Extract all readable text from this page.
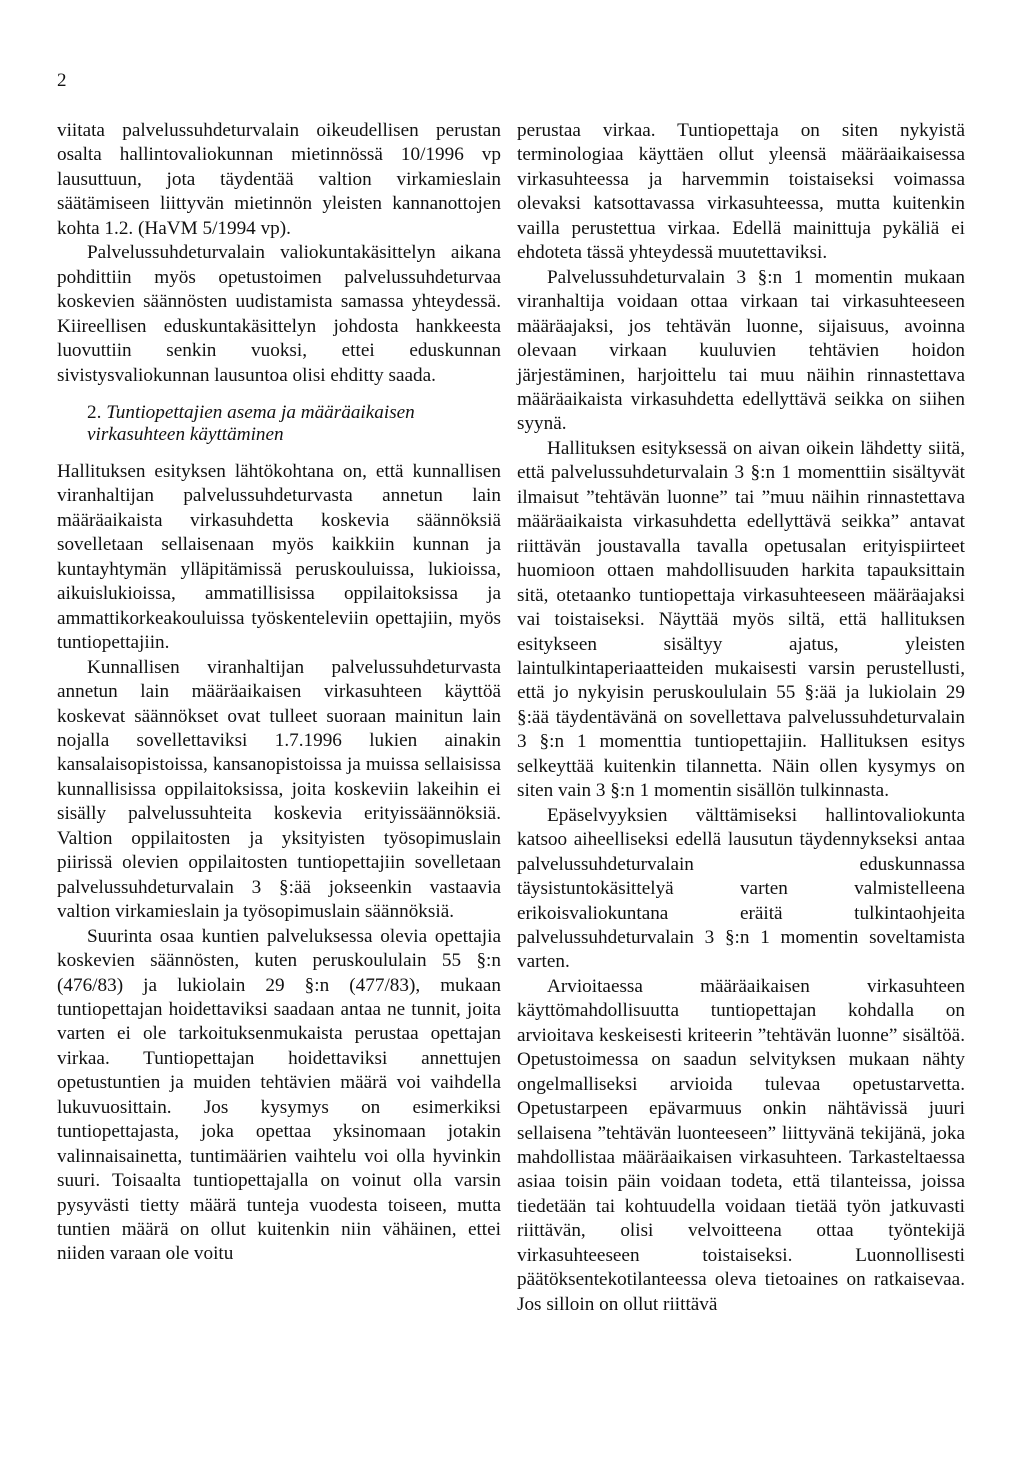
2

viitata palvelussuhdeturvalain oikeudellisen perustan osalta hallintovaliokunnan mietinnössä 10/1996 vp lausuttuun, jota täydentää valtion virkamieslain säätämiseen liittyvän mietinnön yleisten kannanottojen kohta 1.2. (HaVM 5/1994 vp).

Palvelussuhdeturvalain valiokuntakäsittelyn aikana pohdittiin myös opetustoimen palvelussuhdeturvaa koskevien säännösten uudistamista samassa yhteydessä. Kiireellisen eduskuntakäsittelyn johdosta hankkeesta luovuttiin senkin vuoksi, ettei eduskunnan sivistysvaliokunnan lausuntoa olisi ehditty saada.

2. Tuntiopettajien asema ja määräaikaisen virkasuhteen käyttäminen

Hallituksen esityksen lähtökohtana on, että kunnallisen viranhaltijan palvelussuhdeturvasta annetun lain määräaikaista virkasuhdetta koskevia säännöksiä sovelletaan sellaisenaan myös kaikkiin kunnan ja kuntayhtymän ylläpitämissä peruskouluissa, lukioissa, aikuislukioissa, ammatillisissa oppilaitoksissa ja ammattikorkeakouluissa työskenteleviin opettajiin, myös tuntiopettajiin.

Kunnallisen viranhaltijan palvelussuhdeturvasta annetun lain määräaikaisen virkasuhteen käyttöä koskevat säännökset ovat tulleet suoraan mainitun lain nojalla sovellettaviksi 1.7.1996 lukien ainakin kansalaisopistoissa, kansanopistoissa ja muissa sellaisissa kunnallisissa oppilaitoksissa, joita koskeviin lakeihin ei sisälly palvelussuhteita koskevia erityissäännöksiä. Valtion oppilaitosten ja yksityisten työsopimuslain piirissä olevien oppilaitosten tuntiopettajiin sovelletaan palvelussuhdeturvalain 3 §:ää jokseenkin vastaavia valtion virkamieslain ja työsopimuslain säännöksiä.

Suurinta osaa kuntien palveluksessa olevia opettajia koskevien säännösten, kuten peruskoululain 55 §:n (476/83) ja lukiolain 29 §:n (477/83), mukaan tuntiopettajan hoidettaviksi saadaan antaa ne tunnit, joita varten ei ole tarkoituksenmukaista perustaa opettajan virkaa. Tuntiopettajan hoidettaviksi annettujen opetustuntien ja muiden tehtävien määrä voi vaihdella lukuvuosittain. Jos kysymys on esimerkiksi tuntiopettajasta, joka opettaa yksinomaan jotakin valinnaisainetta, tuntimäärien vaihtelu voi olla hyvinkin suuri. Toisaalta tuntiopettajalla on voinut olla varsin pysyvästi tietty määrä tunteja vuodesta toiseen, mutta tuntien määrä on ollut kuitenkin niin vähäinen, ettei niiden varaan ole voitu

perustaa virkaa. Tuntiopettaja on siten nykyistä terminologiaa käyttäen ollut yleensä määräaikaisessa virkasuhteessa ja harvemmin toistaiseksi voimassa olevaksi katsottavassa virkasuhteessa, mutta kuitenkin vailla perustettua virkaa. Edellä mainittuja pykäliä ei ehdoteta tässä yhteydessä muutettaviksi.

Palvelussuhdeturvalain 3 §:n 1 momentin mukaan viranhaltija voidaan ottaa virkaan tai virkasuhteeseen määräajaksi, jos tehtävän luonne, sijaisuus, avoinna olevaan virkaan kuuluvien tehtävien hoidon järjestäminen, harjoittelu tai muu näihin rinnastettava määräaikaista virkasuhdetta edellyttävä seikka on siihen syynä.

Hallituksen esityksessä on aivan oikein lähdetty siitä, että palvelussuhdeturvalain 3 §:n 1 momenttiin sisältyvät ilmaisut ”tehtävän luonne” tai ”muu näihin rinnastettava määräaikaista virkasuhdetta edellyttävä seikka” antavat riittävän joustavalla tavalla opetusalan erityispiirteet huomioon ottaen mahdollisuuden harkita tapauksittain sitä, otetaanko tuntiopettaja virkasuhteeseen määräajaksi vai toistaiseksi. Näyttää myös siltä, että hallituksen esitykseen sisältyy ajatus, yleisten laintulkintaperiaatteiden mukaisesti varsin perustellusti, että jo nykyisin peruskoululain 55 §:ää ja lukiolain 29 §:ää täydentävänä on sovellettava palvelussuhdeturvalain 3 §:n 1 momenttia tuntiopettajiin. Hallituksen esitys selkeyttää kuitenkin tilannetta. Näin ollen kysymys on siten vain 3 §:n 1 momentin sisällön tulkinnasta.

Epäselvyyksien välttämiseksi hallintovaliokunta katsoo aiheelliseksi edellä lausutun täydennykseksi antaa palvelussuhdeturvalain eduskunnassa täysistuntokäsittelyä varten valmistelleena erikoisvaliokuntana eräitä tulkintaohjeita palvelussuhdeturvalain 3 §:n 1 momentin soveltamista varten.

Arvioitaessa määräaikaisen virkasuhteen käyttömahdollisuutta tuntiopettajan kohdalla on arvioitava keskeisesti kriteerin ”tehtävän luonne” sisältöä. Opetustoimessa on saadun selvityksen mukaan nähty ongelmalliseksi arvioida tulevaa opetustarvetta. Opetustarpeen epävarmuus onkin nähtävissä juuri sellaisena ”tehtävän luonteeseen” liittyvänä tekijänä, joka mahdollistaa määräaikaisen virkasuhteen. Tarkasteltaessa asiaa toisin päin voidaan todeta, että tilanteissa, joissa tiedetään tai kohtuudella voidaan tietää työn jatkuvasti riittävän, olisi velvoitteena ottaa työntekijä virkasuhteeseen toistaiseksi. Luonnollisesti päätöksentekotilanteessa oleva tietoaines on ratkaisevaa. Jos silloin on ollut riittävä
